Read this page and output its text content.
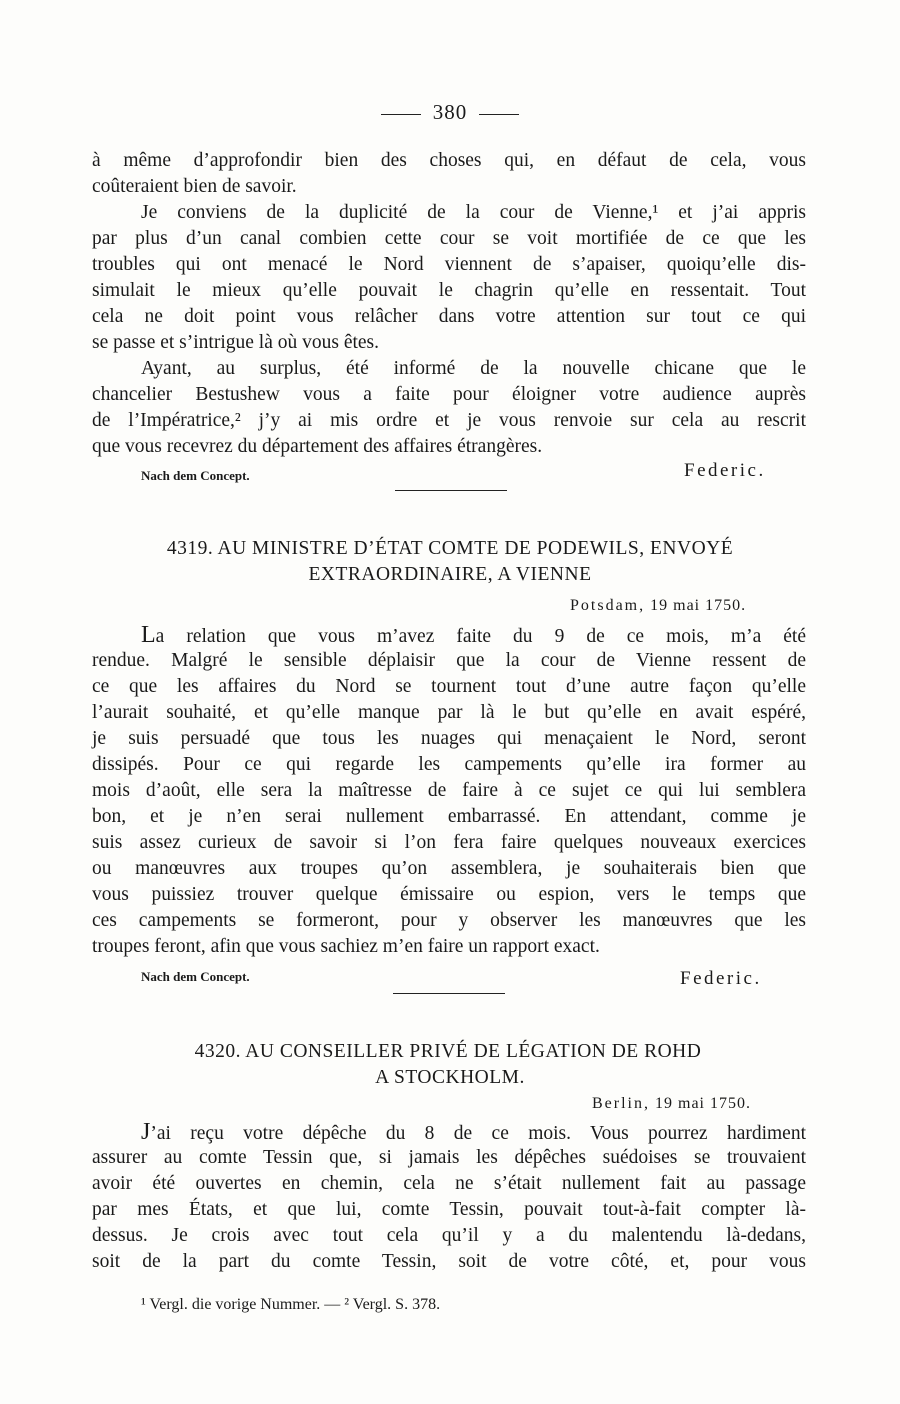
380
à même d’approfondir bien des choses qui, en défaut de cela, vous
coûteraient bien de savoir.
Je conviens de la duplicité de la cour de Vienne,¹ et j’ai appris
par plus d’un canal combien cette cour se voit mortifiée de ce que les
troubles qui ont menacé le Nord viennent de s’apaiser, quoiqu’elle dis-
simulait le mieux qu’elle pouvait le chagrin qu’elle en ressentait. Tout
cela ne doit point vous relâcher dans votre attention sur tout ce qui
se passe et s’intrigue là où vous êtes.
Ayant, au surplus, été informé de la nouvelle chicane que le
chancelier Bestushew vous a faite pour éloigner votre audience auprès
de l’Impératrice,² j’y ai mis ordre et je vous renvoie sur cela au rescrit
que vous recevrez du département des affaires étrangères.
Nach dem Concept.	Federic.
4319. AU MINISTRE D’ÉTAT COMTE DE PODEWILS, ENVOYÉ
EXTRAORDINAIRE, A VIENNE
Potsdam, 19 mai 1750.
La relation que vous m’avez faite du 9 de ce mois, m’a été
rendue. Malgré le sensible déplaisir que la cour de Vienne ressent de
ce que les affaires du Nord se tournent tout d’une autre façon qu’elle
l’aurait souhaité, et qu’elle manque par là le but qu’elle en avait espéré,
je suis persuadé que tous les nuages qui menaçaient le Nord, seront
dissipés. Pour ce qui regarde les campements qu’elle ira former au
mois d’août, elle sera la maîtresse de faire à ce sujet ce qui lui semblera
bon, et je n’en serai nullement embarrassé. En attendant, comme je
suis assez curieux de savoir si l’on fera faire quelques nouveaux exercices
ou manœuvres aux troupes qu’on assemblera, je souhaiterais bien que
vous puissiez trouver quelque émissaire ou espion, vers le temps que
ces campements se formeront, pour y observer les manœuvres que les
troupes feront, afin que vous sachiez m’en faire un rapport exact.
Nach dem Concept.	Federic.
4320. AU CONSEILLER PRIVÉ DE LÉGATION DE ROHD
A STOCKHOLM.
Berlin, 19 mai 1750.
J’ai reçu votre dépêche du 8 de ce mois. Vous pourrez hardiment
assurer au comte Tessin que, si jamais les dépêches suédoises se trouvaient
avoir été ouvertes en chemin, cela ne s’était nullement fait au passage
par mes États, et que lui, comte Tessin, pouvait tout-à-fait compter là-
dessus. Je crois avec tout cela qu’il y a du malentendu là-dedans,
soit de la part du comte Tessin, soit de votre côté, et, pour vous
¹ Vergl. die vorige Nummer. — ² Vergl. S. 378.
